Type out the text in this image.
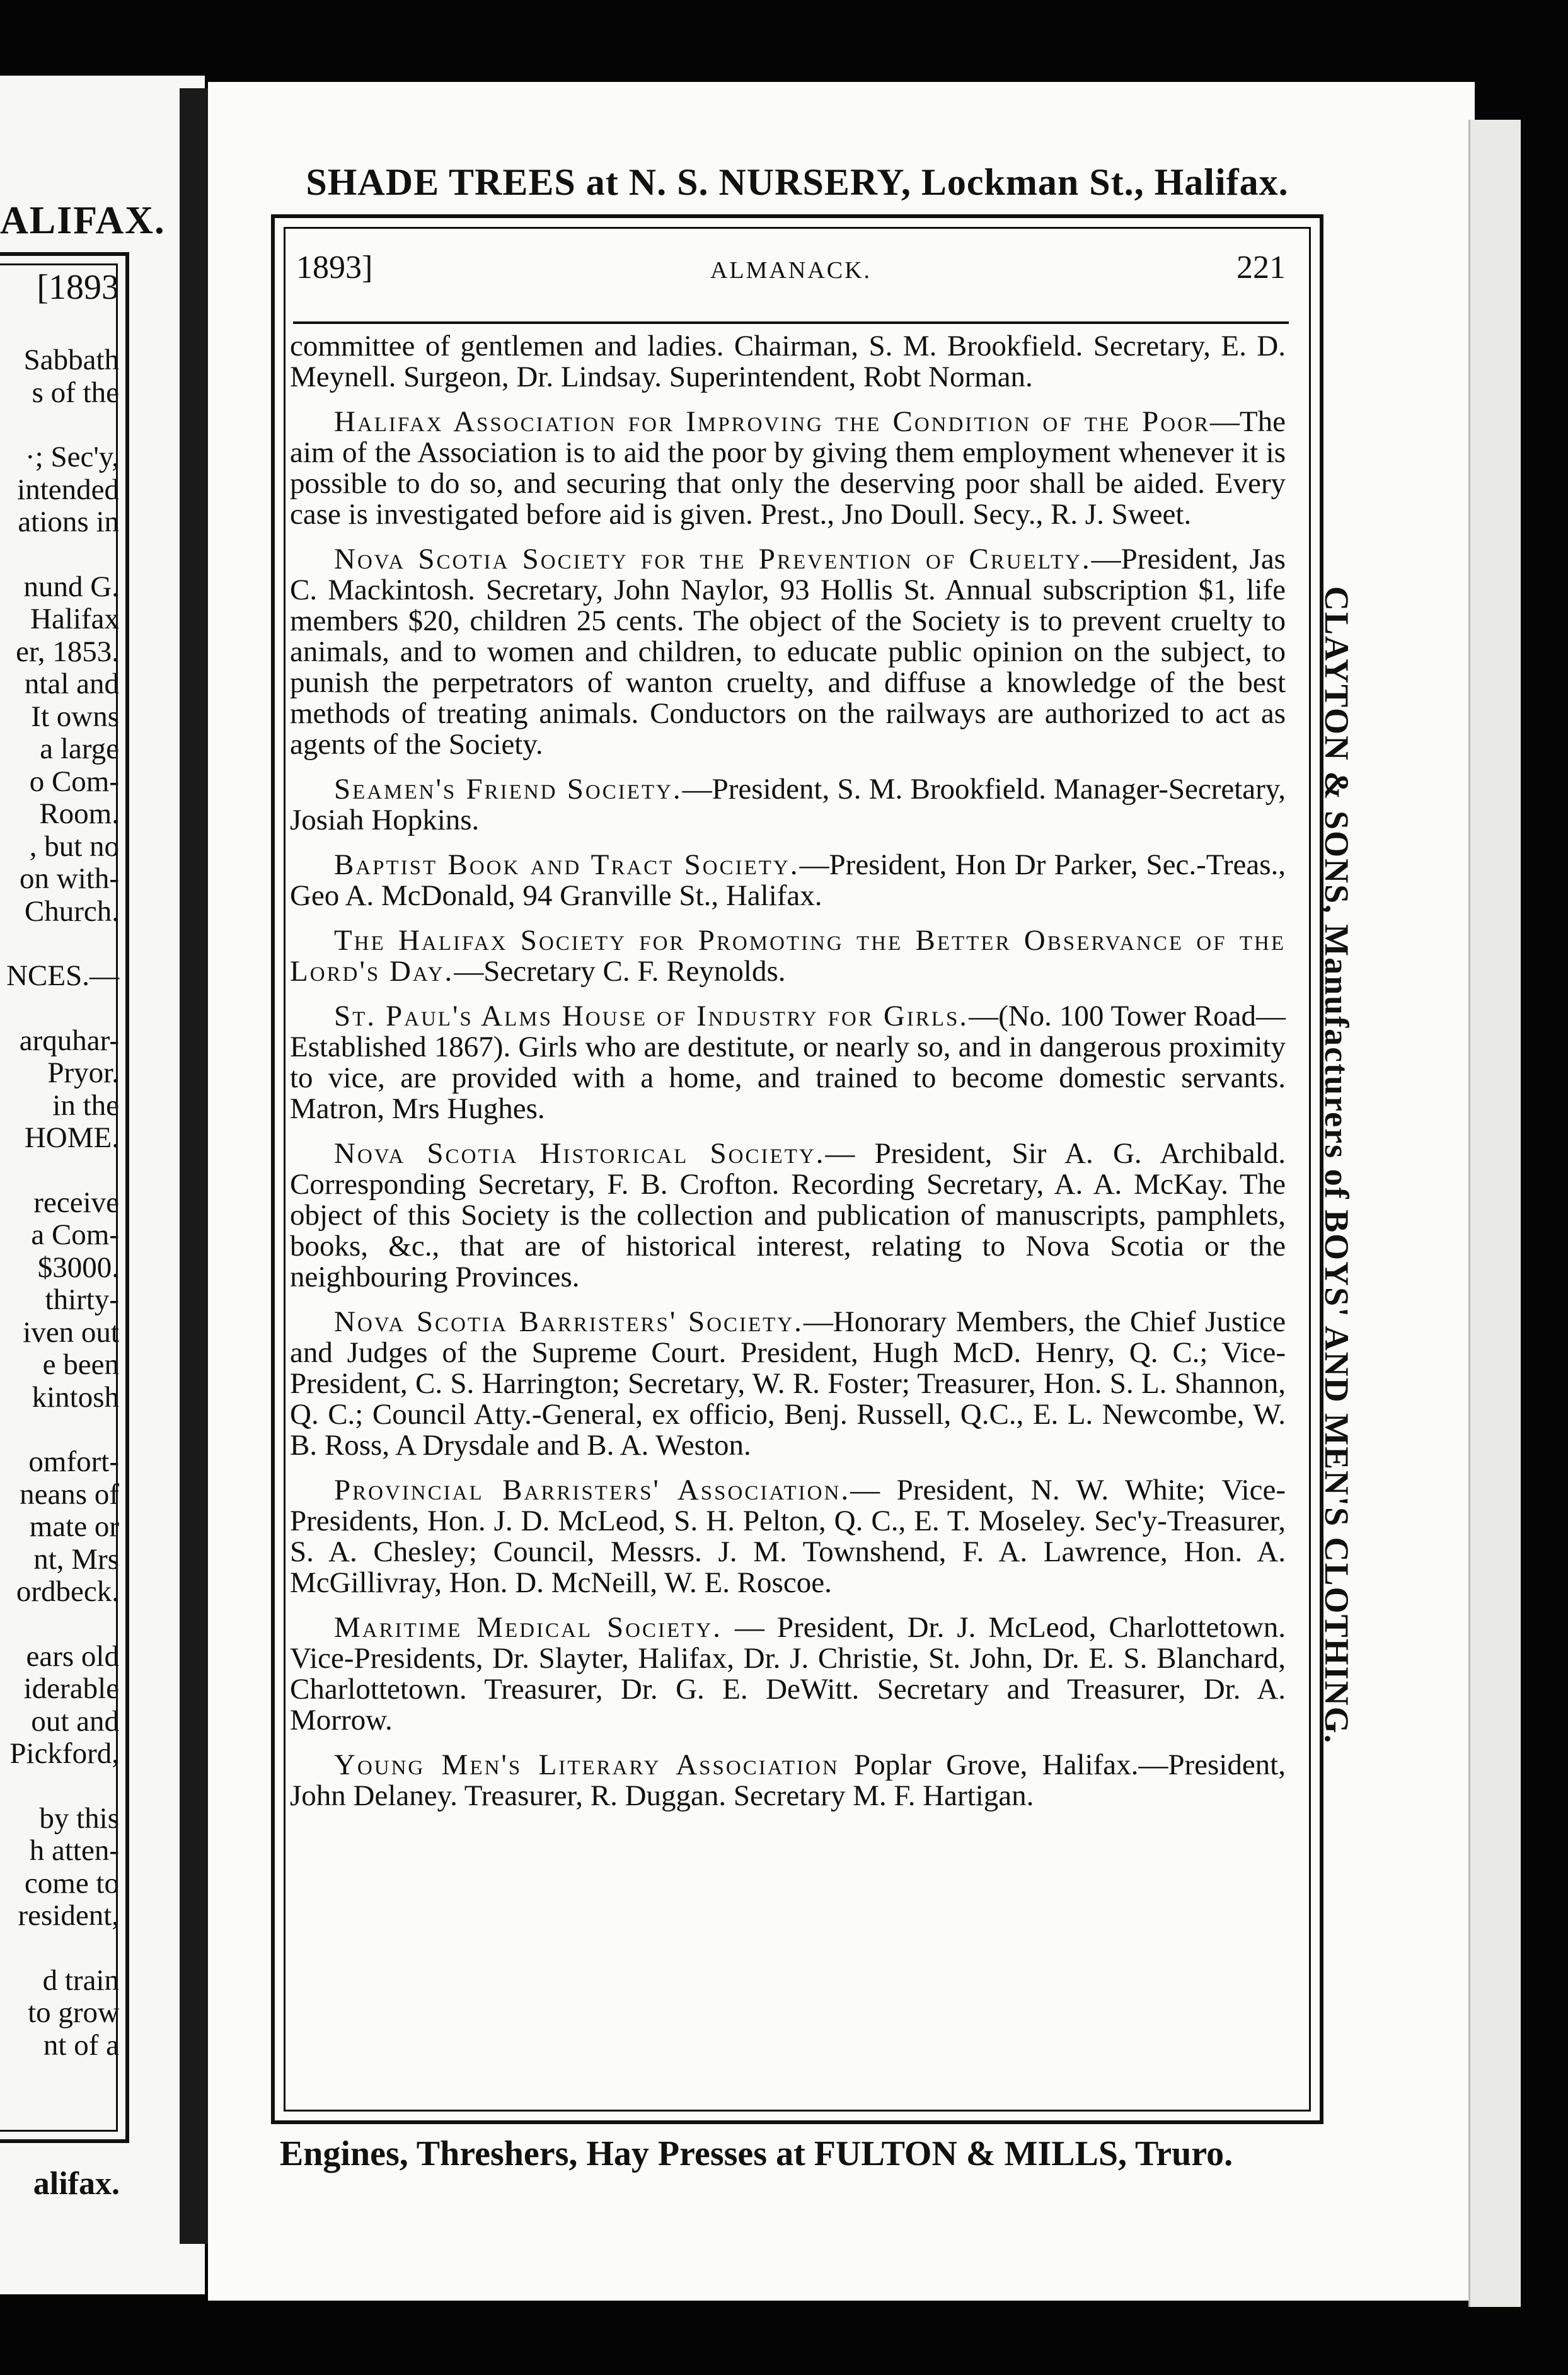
ALIFAX.
[1893
Sabbath
s of the
·; Sec'y,
intended
ations in
nund G.
Halifax
er, 1853.
ntal and
It owns
a large
o Com-
Room.
, but no
on with-
Church.
NCES.—
arquhar-
Pryor.
in the
HOME.
receive
a Com-
$3000.
thirty-
iven out
e been
kintosh
omfort-
neans of
mate or
nt, Mrs
ordbeck.
ears old
iderable
out and
Pickford,
by this
h atten-
come to
resident,
d train
to grow
nt of a
alifax.
SHADE TREES at N. S. NURSERY, Lockman St., Halifax.
1893]	ALMANACK.	221

committee of gentlemen and ladies. Chairman, S. M. Brookfield. Secretary, E. D. Meynell. Surgeon, Dr. Lindsay. Superintendent, Robt Norman.

Halifax Association for Improving the Condition of the Poor—The aim of the Association is to aid the poor by giving them employment whenever it is possible to do so, and securing that only the deserving poor shall be aided. Every case is investigated before aid is given. Prest., Jno Doull. Secy., R. J. Sweet.

Nova Scotia Society for the Prevention of Cruelty.—President, Jas C. Mackintosh. Secretary, John Naylor, 93 Hollis St. Annual subscription $1, life members $20, children 25 cents. The object of the Society is to prevent cruelty to animals, and to women and children, to educate public opinion on the subject, to punish the perpetrators of wanton cruelty, and diffuse a knowledge of the best methods of treating animals. Conductors on the railways are authorized to act as agents of the Society.

Seamen's Friend Society.—President, S. M. Brookfield. Manager-Secretary, Josiah Hopkins.

Baptist Book and Tract Society.—President, Hon Dr Parker, Sec.-Treas., Geo A. McDonald, 94 Granville St., Halifax.

The Halifax Society for Promoting the Better Observance of the Lord's Day.—Secretary C. F. Reynolds.

St. Paul's Alms House of Industry for Girls.—(No. 100 Tower Road—Established 1867). Girls who are destitute, or nearly so, and in dangerous proximity to vice, are provided with a home, and trained to become domestic servants. Matron, Mrs Hughes.

Nova Scotia Historical Society.— President, Sir A. G. Archibald. Corresponding Secretary, F. B. Crofton. Recording Secretary, A. A. McKay. The object of this Society is the collection and publication of manuscripts, pamphlets, books, &c., that are of historical interest, relating to Nova Scotia or the neighbouring Provinces.

Nova Scotia Barristers' Society.—Honorary Members, the Chief Justice and Judges of the Supreme Court. President, Hugh McD. Henry, Q. C.; Vice-President, C. S. Harrington; Secretary, W. R. Foster; Treasurer, Hon. S. L. Shannon, Q. C.; Council Atty.-General, ex officio, Benj. Russell, Q.C., E. L. Newcombe, W. B. Ross, A Drysdale and B. A. Weston.

Provincial Barristers' Association.— President, N. W. White; Vice-Presidents, Hon. J. D. McLeod, S. H. Pelton, Q. C., E. T. Moseley. Sec'y-Treasurer, S. A. Chesley; Council, Messrs. J. M. Townshend, F. A. Lawrence, Hon. A. McGillivray, Hon. D. McNeill, W. E. Roscoe.

Maritime Medical Society. — President, Dr. J. McLeod, Charlottetown. Vice-Presidents, Dr. Slayter, Halifax, Dr. J. Christie, St. John, Dr. E. S. Blanchard, Charlottetown. Treasurer, Dr. G. E. DeWitt. Secretary and Treasurer, Dr. A. Morrow.

Young Men's Literary Association Poplar Grove, Halifax.—President, John Delaney. Treasurer, R. Duggan. Secretary M. F. Hartigan.

CLAYTON & SONS, Manufacturers of BOYS' AND MEN'S CLOTHING.
Engines, Threshers, Hay Presses at FULTON & MILLS, Truro.
